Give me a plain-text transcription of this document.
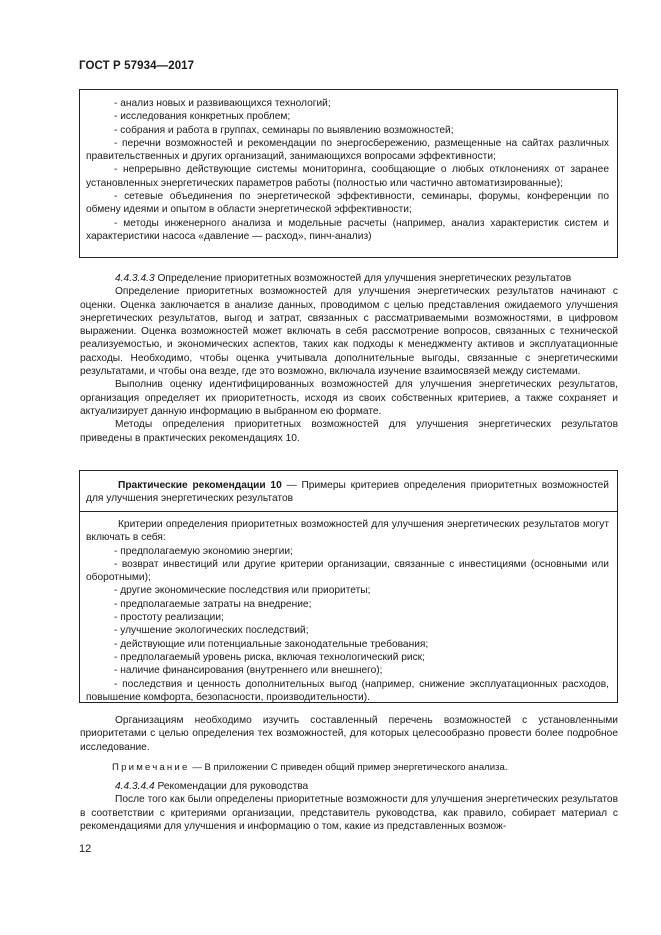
ГОСТ Р 57934—2017

- анализ новых и развивающихся технологий;

- исследования конкретных проблем;

- собрания и работа в группах, семинары по выявлению возможностей;

- перечни возможностей и рекомендации по энергосбережению, размещенные на сайтах различных правительственных и других организаций, занимающихся вопросами эффективности;

- непрерывно действующие системы мониторинга, сообщающие о любых отклонениях от заранее установленных энергетических параметров работы (полностью или частично автоматизированные);

- сетевые объединения по энергетической эффективности, семинары, форумы, конференции по обмену идеями и опытом в области энергетической эффективности;

- методы инженерного анализа и модельные расчеты (например, анализ характеристик систем и характеристики насоса «давление — расход», пинч-анализ)

4.4.3.4.3 Определение приоритетных возможностей для улучшения энергетических результатов

Определение приоритетных возможностей для улучшения энергетических результатов начинают с оценки. Оценка заключается в анализе данных, проводимом с целью представления ожидаемого улучшения энергетических результатов, выгод и затрат, связанных с рассматриваемыми возможностями, в цифровом выражении. Оценка возможностей может включать в себя рассмотрение вопросов, связанных с технической реализуемостью, и экономических аспектов, таких как подходы к менеджменту активов и эксплуатационные расходы. Необходимо, чтобы оценка учитывала дополнительные выгоды, связанные с энергетическими результатами, и чтобы она везде, где это возможно, включала изучение взаимосвязей между системами.

Выполнив оценку идентифицированных возможностей для улучшения энергетических результатов, организация определяет их приоритетность, исходя из своих собственных критериев, а также сохраняет и актуализирует данную информацию в выбранном ею формате.

Методы определения приоритетных возможностей для улучшения энергетических результатов приведены в практических рекомендациях 10.

Практические рекомендации 10 — Примеры критериев определения приоритетных возможностей для улучшения энергетических результатов

Критерии определения приоритетных возможностей для улучшения энергетических результатов могут включать в себя:

- предполагаемую экономию энергии;

- возврат инвестиций или другие критерии организации, связанные с инвестициями (основными или оборотными);

- другие экономические последствия или приоритеты;

- предполагаемые затраты на внедрение;

- простоту реализации;

- улучшение экологических последствий;

- действующие или потенциальные законодательные требования;

- предполагаемый уровень риска, включая технологический риск;

- наличие финансирования (внутреннего или внешнего);

- последствия и ценность дополнительных выгод (например, снижение эксплуатационных расходов, повышение комфорта, безопасности, производительности).

Организациям необходимо изучить составленный перечень возможностей с установленными приоритетами с целью определения тех возможностей, для которых целесообразно провести более подробное исследование.

Примечание — В приложении С приведен общий пример энергетического анализа.

4.4.3.4.4 Рекомендации для руководства

После того как были определены приоритетные возможности для улучшения энергетических результатов в соответствии с критериями организации, представитель руководства, как правило, собирает материал с рекомендациями для улучшения и информацию о том, какие из представленных возмож-

12
